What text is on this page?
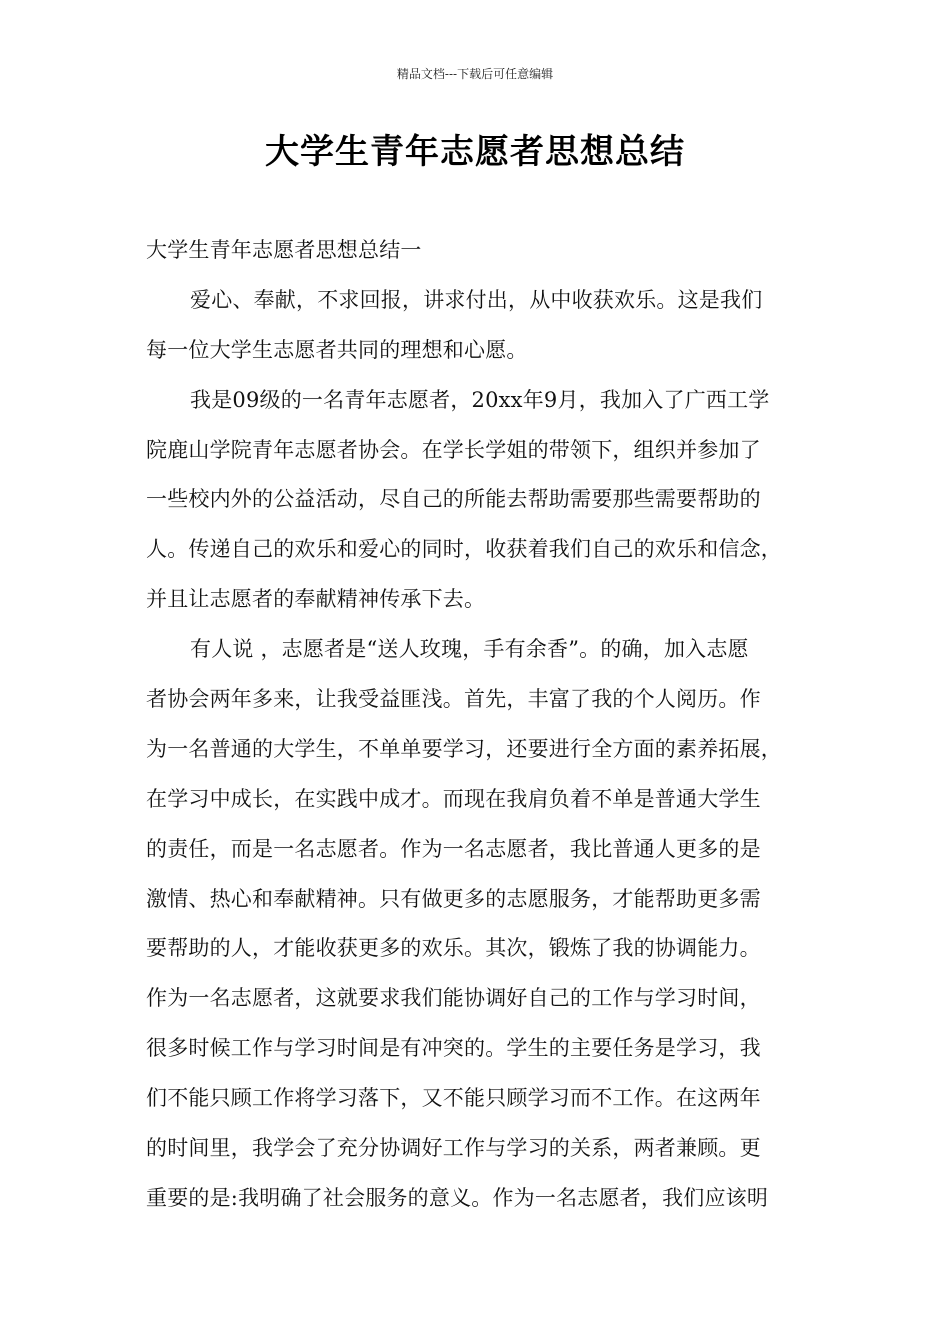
精品文档---下载后可任意编辑
大学生青年志愿者思想总结
大学生青年志愿者思想总结一
爱心、奉献，不求回报，讲求付出，从中收获欢乐。这是我们
每一位大学生志愿者共同的理想和心愿。
我是09级的一名青年志愿者，20xx年9月，我加入了广西工学
院鹿山学院青年志愿者协会。在学长学姐的带领下，组织并参加了
一些校内外的公益活动，尽自己的所能去帮助需要那些需要帮助的
人。传递自己的欢乐和爱心的同时，收获着我们自己的欢乐和信念，
并且让志愿者的奉献精神传承下去。
有人说 ，志愿者是“送人玫瑰，手有余香”。的确，加入志愿
者协会两年多来，让我受益匪浅。首先，丰富了我的个人阅历。作
为一名普通的大学生，不单单要学习，还要进行全方面的素养拓展，
在学习中成长，在实践中成才。而现在我肩负着不单是普通大学生
的责任，而是一名志愿者。作为一名志愿者，我比普通人更多的是
激情、热心和奉献精神。只有做更多的志愿服务，才能帮助更多需
要帮助的人，才能收获更多的欢乐。其次，锻炼了我的协调能力。
作为一名志愿者，这就要求我们能协调好自己的工作与学习时间，
很多时候工作与学习时间是有冲突的。学生的主要任务是学习，我
们不能只顾工作将学习落下，又不能只顾学习而不工作。在这两年
的时间里，我学会了充分协调好工作与学习的关系，两者兼顾。更
重要的是:我明确了社会服务的意义。作为一名志愿者，我们应该明
